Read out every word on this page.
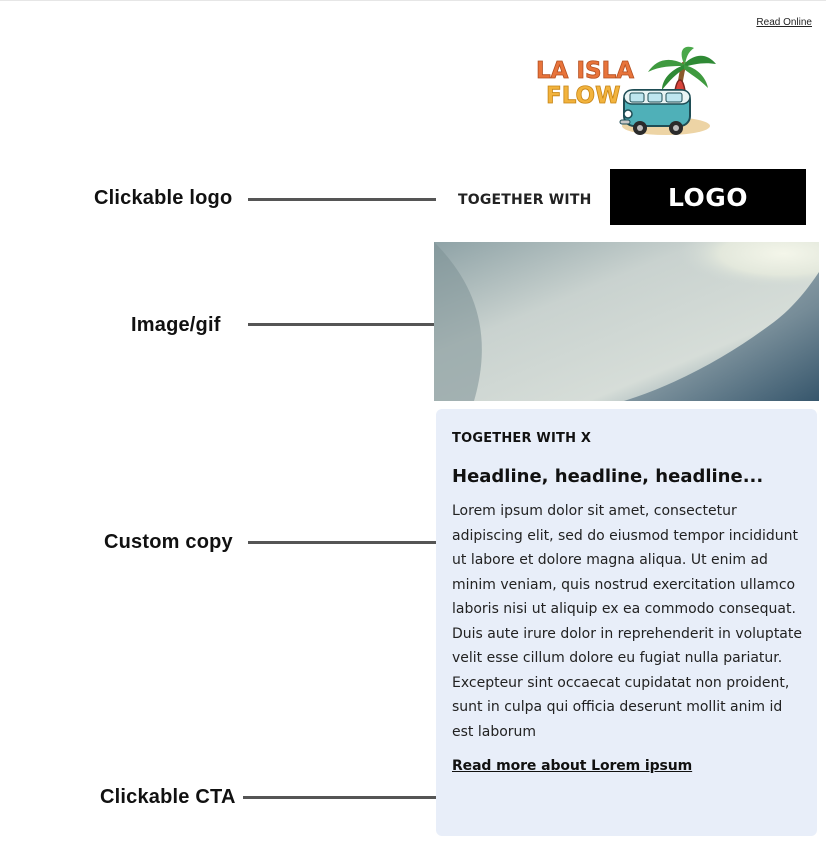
Read Online
LA ISLA
FLOW
Clickable logo
Image/gif
Custom copy
Clickable CTA
TOGETHER WITH	LOGO
TOGETHER WITH X
Headline, headline, headline...
Lorem ipsum dolor sit amet, consectetur adipiscing elit, sed do eiusmod tempor incididunt ut labore et dolore magna aliqua. Ut enim ad minim veniam, quis nostrud exercitation ullamco laboris nisi ut aliquip ex ea commodo consequat. Duis aute irure dolor in reprehenderit in voluptate velit esse cillum dolore eu fugiat nulla pariatur. Excepteur sint occaecat cupidatat non proident, sunt in culpa qui officia deserunt mollit anim id est laborum
Read more about Lorem ipsum
